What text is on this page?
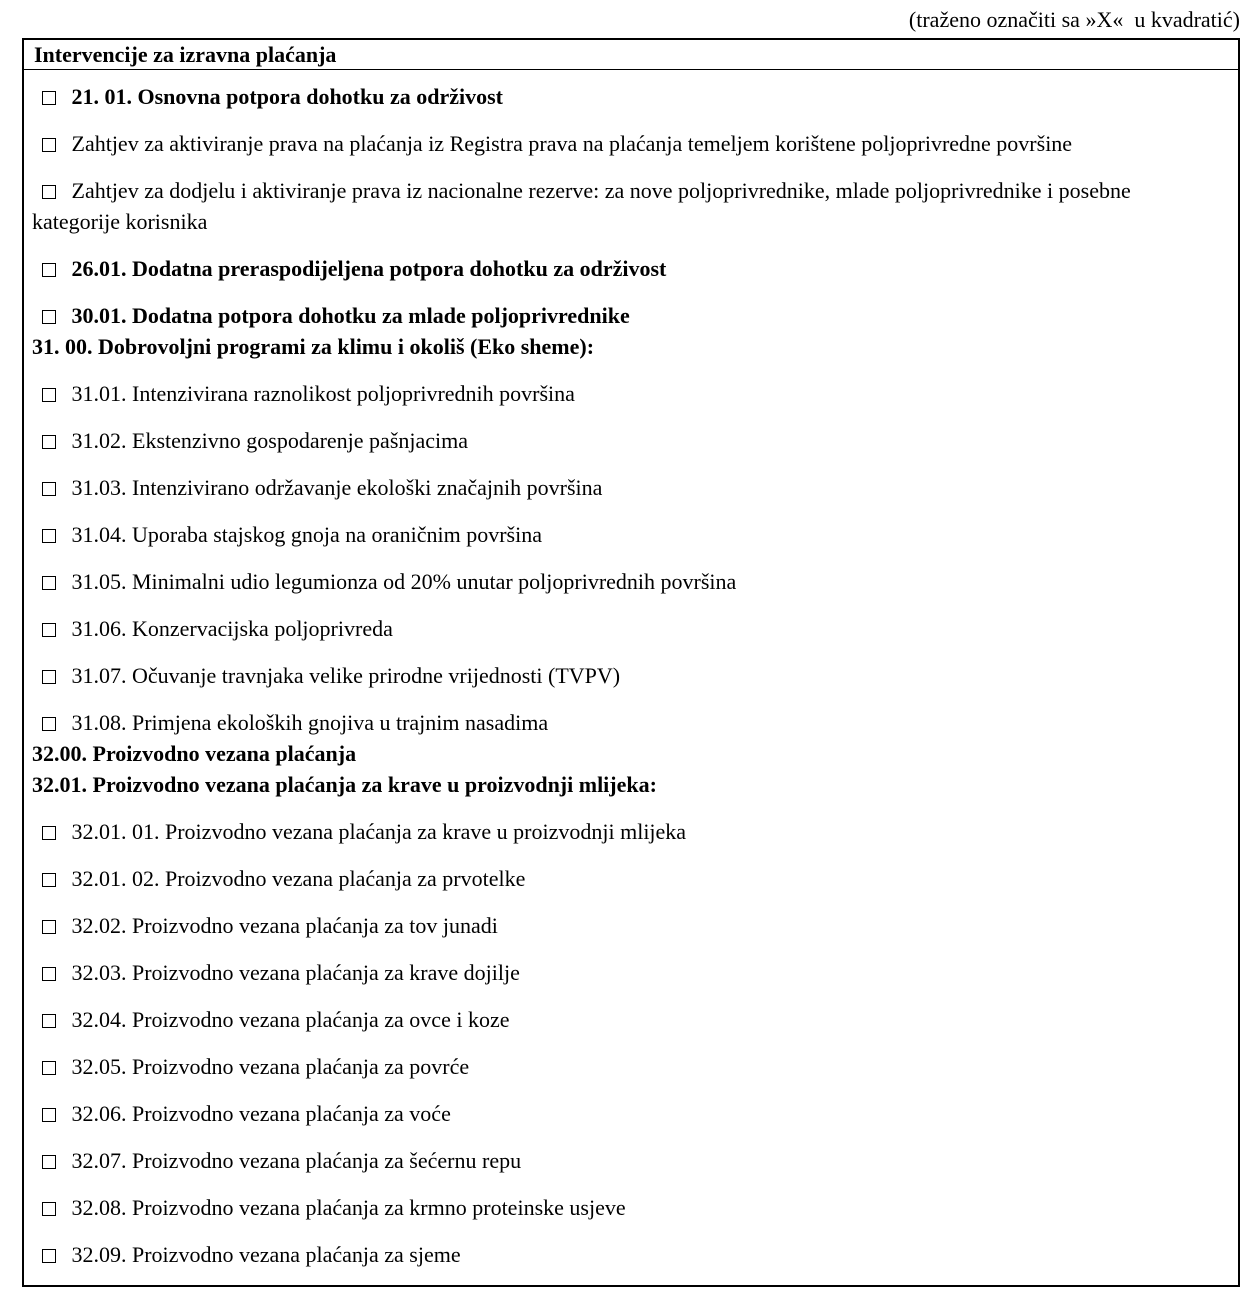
(traženo označiti sa »X«  u kvadratić)
Intervencije za izravna plaćanja
21. 01. Osnovna potpora dohotku za održivost
Zahtjev za aktiviranje prava na plaćanja iz Registra prava na plaćanja temeljem korištene poljoprivredne površine
Zahtjev za dodjelu i aktiviranje prava iz nacionalne rezerve: za nove poljoprivrednike, mlade poljoprivrednike i posebne kategorije korisnika
26.01. Dodatna preraspodijeljena potpora dohotku za održivost
30.01. Dodatna potpora dohotku za mlade poljoprivrednike
31. 00. Dobrovoljni programi za klimu i okoliš (Eko sheme):
31.01. Intenzivirana raznolikost poljoprivrednih površina
31.02. Ekstenzivno gospodarenje pašnjacima
31.03. Intenzivirano održavanje ekološki značajnih površina
31.04. Uporaba stajskog gnoja na oraničnim površina
31.05. Minimalni udio legumionza od 20% unutar poljoprivrednih površina
31.06. Konzervacijska poljoprivreda
31.07. Očuvanje travnjaka velike prirodne vrijednosti (TVPV)
31.08. Primjena ekoloških gnojiva u trajnim nasadima
32.00. Proizvodno vezana plaćanja
32.01. Proizvodno vezana plaćanja za krave u proizvodnji mlijeka:
32.01. 01. Proizvodno vezana plaćanja za krave u proizvodnji mlijeka
32.01. 02. Proizvodno vezana plaćanja za prvotelke
32.02. Proizvodno vezana plaćanja za tov junadi
32.03. Proizvodno vezana plaćanja za krave dojilje
32.04. Proizvodno vezana plaćanja za ovce i koze
32.05. Proizvodno vezana plaćanja za povrće
32.06. Proizvodno vezana plaćanja za voće
32.07. Proizvodno vezana plaćanja za šećernu repu
32.08. Proizvodno vezana plaćanja za krmno proteinske usjeve
32.09. Proizvodno vezana plaćanja za sjeme
